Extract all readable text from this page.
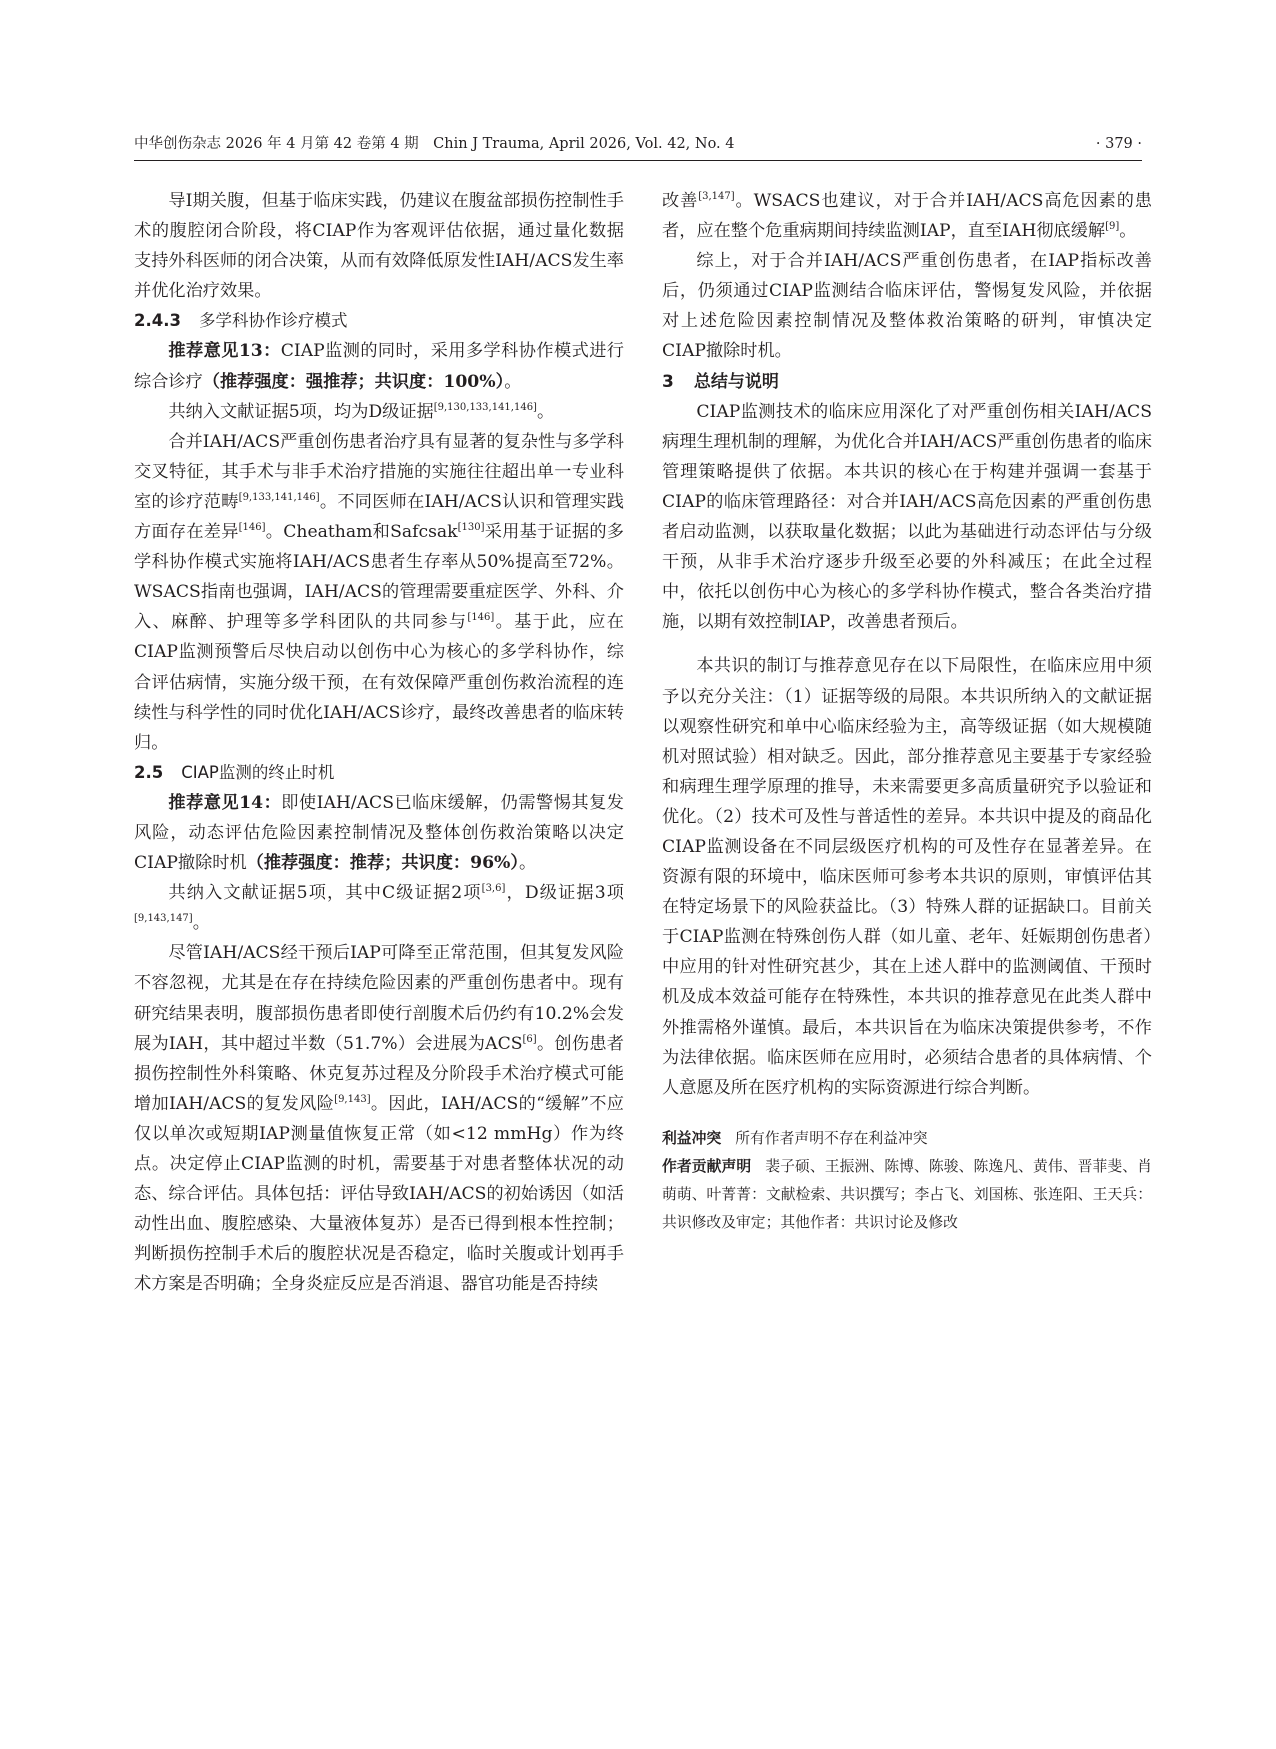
中华创伤杂志 2026 年 4 月第 42 卷第 4 期　Chin J Trauma, April 2026, Vol. 42, No. 4	· 379 ·

导Ⅰ期关腹，但基于临床实践，仍建议在腹盆部损伤控制性手术的腹腔闭合阶段，将CIAP作为客观评估依据，通过量化数据支持外科医师的闭合决策，从而有效降低原发性IAH/ACS发生率并优化治疗效果。

2.4.3 多学科协作诊疗模式

推荐意见13：CIAP监测的同时，采用多学科协作模式进行综合诊疗（推荐强度：强推荐；共识度：100%）。

共纳入文献证据5项，均为D级证据[9,130,133,141,146]。

合并IAH/ACS严重创伤患者治疗具有显著的复杂性与多学科交叉特征，其手术与非手术治疗措施的实施往往超出单一专业科室的诊疗范畴[9,133,141,146]。不同医师在IAH/ACS认识和管理实践方面存在差异[146]。Cheatham和Safcsak[130]采用基于证据的多学科协作模式实施将IAH/ACS患者生存率从50%提高至72%。WSACS指南也强调，IAH/ACS的管理需要重症医学、外科、介入、麻醉、护理等多学科团队的共同参与[146]。基于此，应在CIAP监测预警后尽快启动以创伤中心为核心的多学科协作，综合评估病情，实施分级干预，在有效保障严重创伤救治流程的连续性与科学性的同时优化IAH/ACS诊疗，最终改善患者的临床转归。

2.5 CIAP监测的终止时机

推荐意见14：即使IAH/ACS已临床缓解，仍需警惕其复发风险，动态评估危险因素控制情况及整体创伤救治策略以决定CIAP撤除时机（推荐强度：推荐；共识度：96%）。

共纳入文献证据5项，其中C级证据2项[3,6]，D级证据3项[9,143,147]。

尽管IAH/ACS经干预后IAP可降至正常范围，但其复发风险不容忽视，尤其是在存在持续危险因素的严重创伤患者中。现有研究结果表明，腹部损伤患者即使行剖腹术后仍约有10.2%会发展为IAH，其中超过半数（51.7%）会进展为ACS[6]。创伤患者损伤控制性外科策略、休克复苏过程及分阶段手术治疗模式可能增加IAH/ACS的复发风险[9,143]。因此，IAH/ACS的“缓解”不应仅以单次或短期IAP测量值恢复正常（如<12 mmHg）作为终点。决定停止CIAP监测的时机，需要基于对患者整体状况的动态、综合评估。具体包括：评估导致IAH/ACS的初始诱因（如活动性出血、腹腔感染、大量液体复苏）是否已得到根本性控制；判断损伤控制手术后的腹腔状况是否稳定，临时关腹或计划再手术方案是否明确；全身炎症反应是否消退、器官功能是否持续

改善[3,147]。WSACS也建议，对于合并IAH/ACS高危因素的患者，应在整个危重病期间持续监测IAP，直至IAH彻底缓解[9]。

综上，对于合并IAH/ACS严重创伤患者，在IAP指标改善后，仍须通过CIAP监测结合临床评估，警惕复发风险，并依据对上述危险因素控制情况及整体救治策略的研判，审慎决定CIAP撤除时机。

3 总结与说明

CIAP监测技术的临床应用深化了对严重创伤相关IAH/ACS病理生理机制的理解，为优化合并IAH/ACS严重创伤患者的临床管理策略提供了依据。本共识的核心在于构建并强调一套基于CIAP的临床管理路径：对合并IAH/ACS高危因素的严重创伤患者启动监测，以获取量化数据；以此为基础进行动态评估与分级干预，从非手术治疗逐步升级至必要的外科减压；在此全过程中，依托以创伤中心为核心的多学科协作模式，整合各类治疗措施，以期有效控制IAP，改善患者预后。

本共识的制订与推荐意见存在以下局限性，在临床应用中须予以充分关注：（1）证据等级的局限。本共识所纳入的文献证据以观察性研究和单中心临床经验为主，高等级证据（如大规模随机对照试验）相对缺乏。因此，部分推荐意见主要基于专家经验和病理生理学原理的推导，未来需要更多高质量研究予以验证和优化。（2）技术可及性与普适性的差异。本共识中提及的商品化CIAP监测设备在不同层级医疗机构的可及性存在显著差异。在资源有限的环境中，临床医师可参考本共识的原则，审慎评估其在特定场景下的风险获益比。（3）特殊人群的证据缺口。目前关于CIAP监测在特殊创伤人群（如儿童、老年、妊娠期创伤患者）中应用的针对性研究甚少，其在上述人群中的监测阈值、干预时机及成本效益可能存在特殊性，本共识的推荐意见在此类人群中外推需格外谨慎。最后，本共识旨在为临床决策提供参考，不作为法律依据。临床医师在应用时，必须结合患者的具体病情、个人意愿及所在医疗机构的实际资源进行综合判断。

利益冲突 所有作者声明不存在利益冲突

作者贡献声明 裴子硕、王振洲、陈博、陈骏、陈逸凡、黄伟、晋菲斐、肖萌萌、叶菁菁：文献检索、共识撰写；李占飞、刘国栋、张连阳、王天兵：共识修改及审定；其他作者：共识讨论及修改
